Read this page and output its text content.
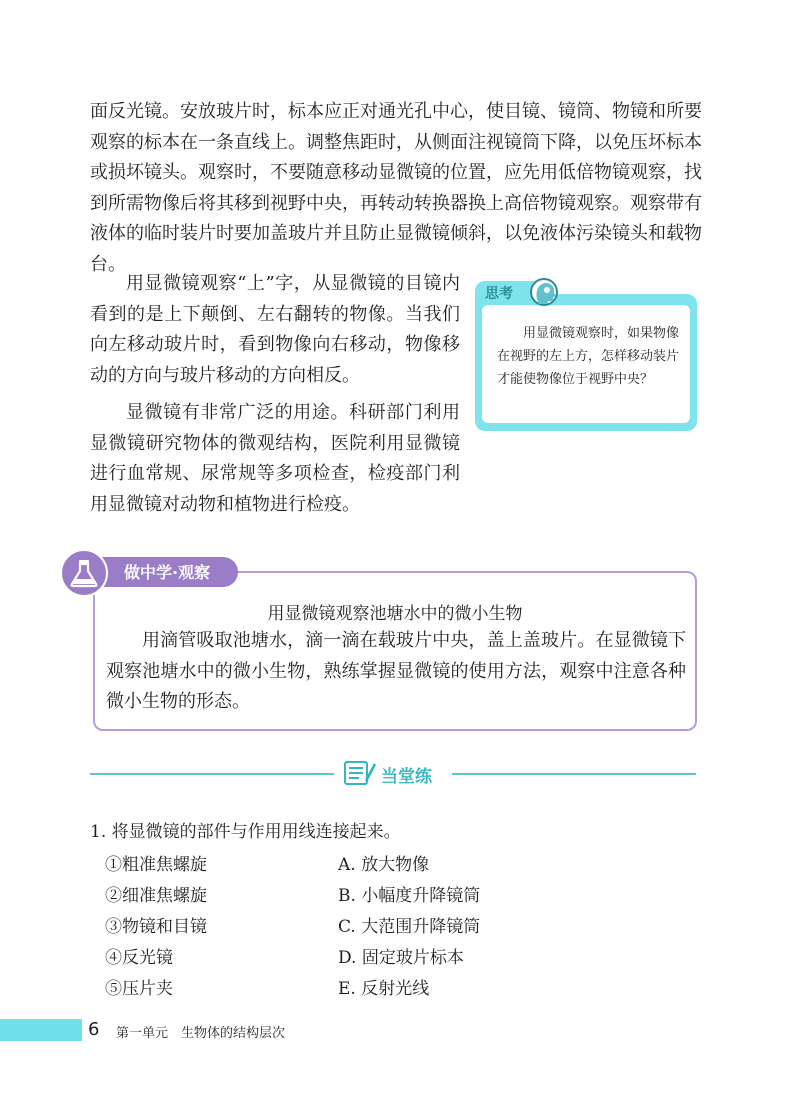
面反光镜。安放玻片时，标本应正对通光孔中心，使目镜、镜筒、物镜和所要观察的标本在一条直线上。调整焦距时，从侧面注视镜筒下降，以免压坏标本或损坏镜头。观察时，不要随意移动显微镜的位置，应先用低倍物镜观察，找到所需物像后将其移到视野中央，再转动转换器换上高倍物镜观察。观察带有液体的临时装片时要加盖玻片并且防止显微镜倾斜，以免液体污染镜头和载物台。

用显微镜观察“上”字，从显微镜的目镜内看到的是上下颠倒、左右翻转的物像。当我们向左移动玻片时，看到物像向右移动，物像移动的方向与玻片移动的方向相反。

显微镜有非常广泛的用途。科研部门利用显微镜研究物体的微观结构，医院利用显微镜进行血常规、尿常规等多项检查，检疫部门利用显微镜对动物和植物进行检疫。

思考

用显微镜观察时，如果物像在视野的左上方，怎样移动装片才能使物像位于视野中央？

做中学·观察

用显微镜观察池塘水中的微小生物

用滴管吸取池塘水，滴一滴在载玻片中央，盖上盖玻片。在显微镜下观察池塘水中的微小生物，熟练掌握显微镜的使用方法，观察中注意各种微小生物的形态。

当堂练

1. 将显微镜的部件与作用用线连接起来。

①粗准焦螺旋

②细准焦螺旋

③物镜和目镜

④反光镜

⑤压片夹

A. 放大物像

B. 小幅度升降镜筒

C. 大范围升降镜筒

D. 固定玻片标本

E. 反射光线

6 第一单元　生物体的结构层次
